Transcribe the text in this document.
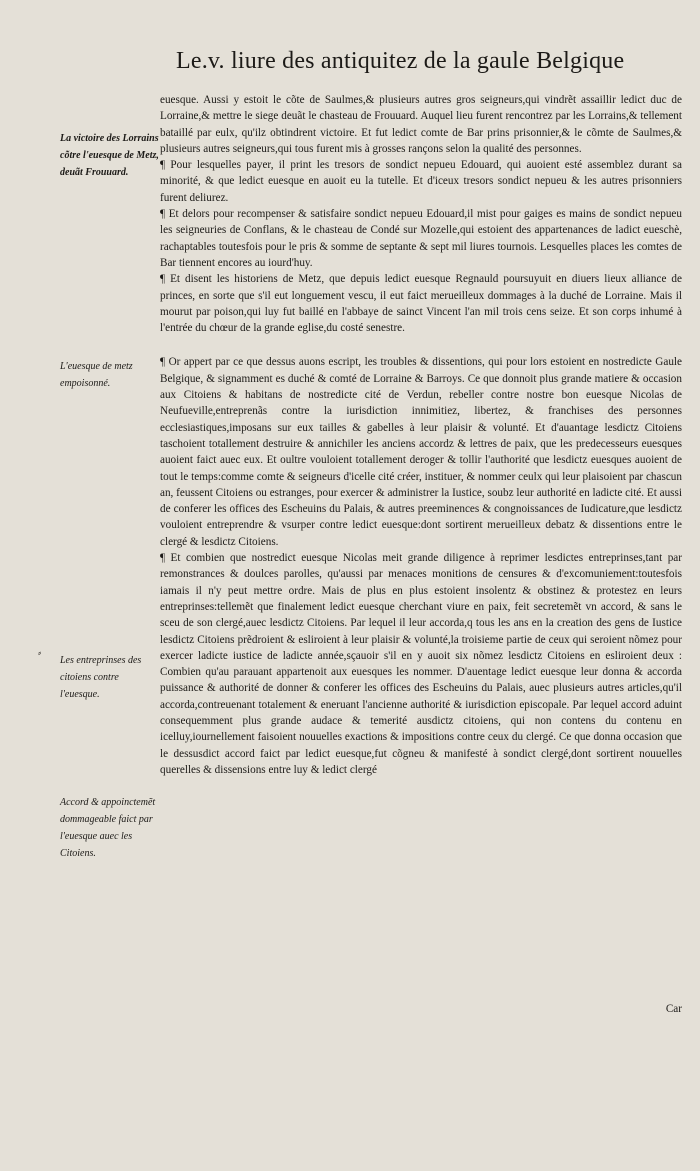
Le.v. liure des antiquitez de la gaule Belgique
La victoire des Lorrains cõtre l'euesque de Metz, deuãt Frouuard.
L'euesque de metz empoisonné.
⸗
Les entreprinses des citoiens contre l'euesque.
Accord & appoinctemẽt dommageable faict par l'euesque auec les Citoiens.

euesque. Aussi y estoit le cõte de Saulmes,& plusieurs autres gros seigneurs,qui vindrẽt assaillir ledict duc de Lorraine,& mettre le siege deuãt le chasteau de Frouuard. Auquel lieu furent rencontrez par les Lorrains,& tellement bataillé par eulx, qu'ilz obtindrent victoire. Et fut ledict comte de Bar prins prisonnier,& le cõmte de Saulmes,& plusieurs autres seigneurs,qui tous furent mis à grosses rançons selon la qualité des personnes.

¶ Pour lesquelles payer, il print les tresors de sondict nepueu Edouard, qui auoient esté assemblez durant sa minorité, & que ledict euesque en auoit eu la tutelle. Et d'iceux tresors sondict nepueu & les autres prisonniers furent deliurez.

¶ Et delors pour recompenser & satisfaire sondict nepueu Edouard,il mist pour gaiges es mains de sondict nepueu les seigneuries de Conflans, & le chasteau de Condé sur Mozelle,qui estoient des appartenances de ladict eueschè, rachaptables toutesfois pour le pris & somme de septante & sept mil liures tournois. Lesquelles places les comtes de Bar tiennent encores au iourd'huy.

¶ Et disent les historiens de Metz, que depuis ledict euesque Regnauld poursuyuit en diuers lieux alliance de princes, en sorte que s'il eut longuement vescu, il eut faict merueilleux dommages à la duché de Lorraine. Mais il mourut par poison,qui luy fut baillé en l'abbaye de sainct Vincent l'an mil trois cens seize. Et son corps inhumé à l'entrée du chœur de la grande eglise,du costé senestre.

¶ Or appert par ce que dessus auons escript, les troubles & dissentions, qui pour lors estoient en nostredicte Gaule Belgique, & signamment es duché & comté de Lorraine & Barroys. Ce que donnoit plus grande matiere & occasion aux Citoiens & habitans de nostredicte cité de Verdun, rebeller contre nostre bon euesque Nicolas de Neufueville,entreprenãs contre la iurisdiction innimitiez, libertez, & franchises des personnes ecclesiastiques,imposans sur eux tailles & gabelles à leur plaisir & volunté. Et d'auantage lesdictz Citoiens taschoient totallement destruire & annichiler les anciens accordz & lettres de paix, que les predecesseurs euesques auoient faict auec eux. Et oultre vouloient totallement deroger & tollir l'authorité que lesdictz euesques auoient de tout le temps:comme comte & seigneurs d'icelle cité créer, instituer, & nommer ceulx qui leur plaisoient par chascun an, feussent Citoiens ou estranges, pour exercer & administrer la Iustice, soubz leur authorité en ladicte cité. Et aussi de conferer les offices des Escheuins du Palais, & autres preeminences & congnoissances de Iudicature,que lesdictz vouloient entreprendre & vsurper contre ledict euesque:dont sortirent merueilleux debatz & dissentions entre le clergé & lesdictz Citoiens.

¶ Et combien que nostredict euesque Nicolas meit grande diligence à reprimer lesdictes entreprinses,tant par remonstrances & doulces parolles, qu'aussi par menaces monitions de censures & d'excomuniement:toutesfois iamais il n'y peut mettre ordre. Mais de plus en plus estoient insolentz & obstinez & protestez en leurs entreprinses:tellemẽt que finalement ledict euesque cherchant viure en paix, feit secretemẽt vn accord, & sans le sceu de son clergé,auec lesdictz Citoiens. Par lequel il leur accorda,q tous les ans en la creation des gens de Iustice lesdictz Citoiens prẽdroient & esliroient à leur plaisir & volunté,la troisieme partie de ceux qui seroient nõmez pour exercer ladicte iustice de ladicte année,sçauoir s'il en y auoit six nõmez lesdictz Citoiens en esliroient deux : Combien qu'au parauant appartenoit aux euesques les nommer. D'auentage ledict euesque leur donna & accorda puissance & authorité de donner & conferer les offices des Escheuins du Palais, auec plusieurs autres articles,qu'il accorda,contreuenant totalement & eneruant l'ancienne authorité & iurisdiction episcopale. Par lequel accord aduint consequemment plus grande audace & temerité ausdictz citoiens, qui non contens du contenu en icelluy,iournellement faisoient nouuelles exactions & impositions contre ceux du clergé. Ce que donna occasion que le dessusdict accord faict par ledict euesque,fut cõgneu & manifesté à sondict clergé,dont sortirent nouuelles querelles & dissensions entre luy & ledict clergé

Car
